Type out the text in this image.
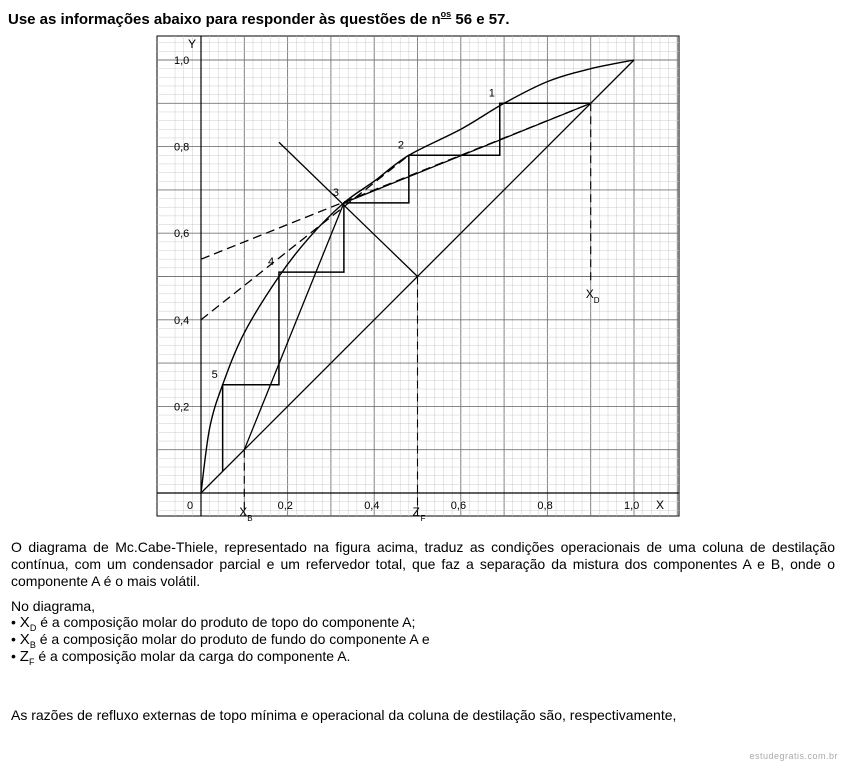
Use as informações abaixo para responder às questões de $n^{os}$ 56 e 57.
Y
X
0	0,2	0,4	0,6	0,8	1,0
0,2
0,4
0,6
0,8
1,0
1
2
3
4
5
X D
Z F
X B
O diagrama de Mc.Cabe-Thiele, representado na figura acima, traduz as condições operacionais de uma coluna de destilação contínua, com um condensador parcial e um refervedor total, que faz a separação da mistura dos componentes A e B, onde o componente A é o mais volátil.
No diagrama,
• $X_D$ é a composição molar do produto de topo do componente A;
• $X_B$ é a composição molar do produto de fundo do componente A e
• $Z_F$ é a composição molar da carga do componente A.
As razões de refluxo externas de topo mínima e operacional da coluna de destilação são, respectivamente,
estudegratis.com.br
